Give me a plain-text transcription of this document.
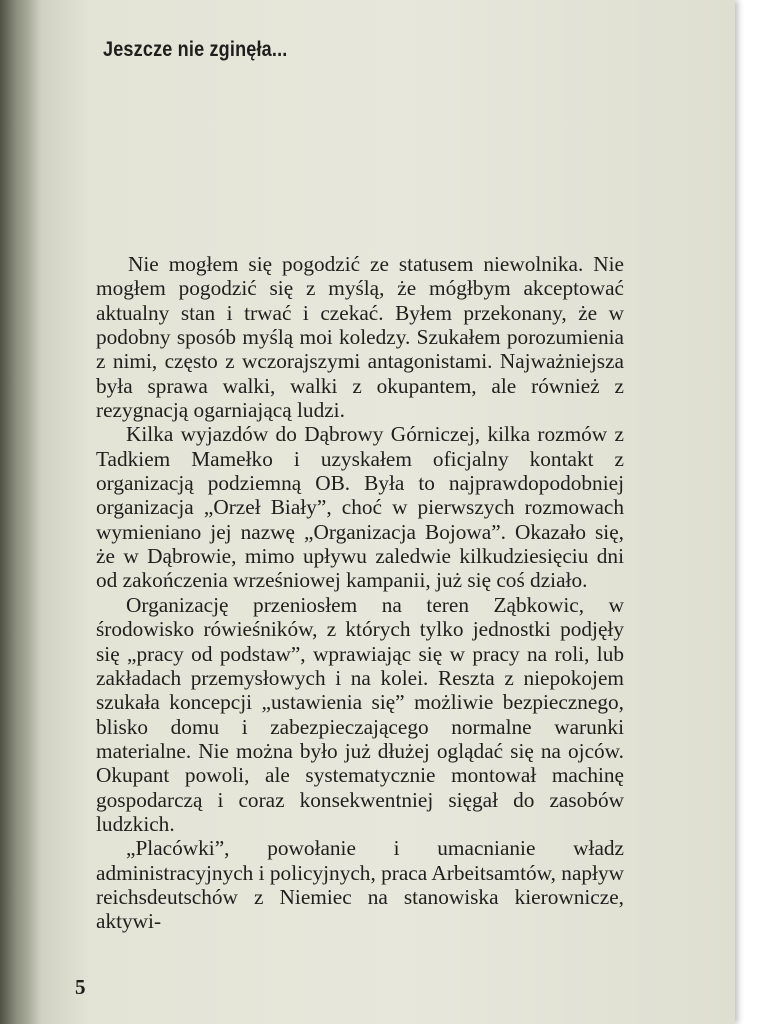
Jeszcze nie zginęła...

Nie mogłem się pogodzić ze statusem niewolnika. Nie mogłem pogodzić się z myślą, że mógłbym akceptować aktualny stan i trwać i czekać. Byłem przekonany, że w podobny sposób myślą moi koledzy. Szukałem porozumienia z nimi, często z wczorajszymi antagonistami. Najważniejsza była sprawa walki, walki z okupantem, ale również z rezygnacją ogarniającą ludzi.

Kilka wyjazdów do Dąbrowy Górniczej, kilka rozmów z Tadkiem Mamełko i uzyskałem oficjalny kontakt z organizacją podziemną OB. Była to najprawdopodobniej organizacja „Orzeł Biały”, choć w pierwszych rozmowach wymieniano jej nazwę „Organizacja Bojowa”. Okazało się, że w Dąbrowie, mimo upływu zaledwie kilkudziesięciu dni od zakończenia wrześniowej kampanii, już się coś działo.

Organizację przeniosłem na teren Ząbkowic, w środowisko rówieśników, z których tylko jednostki podjęły się „pracy od podstaw”, wprawiając się w pracy na roli, lub zakładach przemysłowych i na kolei. Reszta z niepokojem szukała koncepcji „ustawienia się” możliwie bezpiecznego, blisko domu i zabezpieczającego normalne warunki materialne. Nie można było już dłużej oglądać się na ojców. Okupant powoli, ale systematycznie montował machinę gospodarczą i coraz konsekwentniej sięgał do zasobów ludzkich.

„Placówki”, powołanie i umacnianie władz administracyjnych i policyjnych, praca Arbeitsamtów, napływ reichsdeutschów z Niemiec na stanowiska kierownicze, aktywi-

5
